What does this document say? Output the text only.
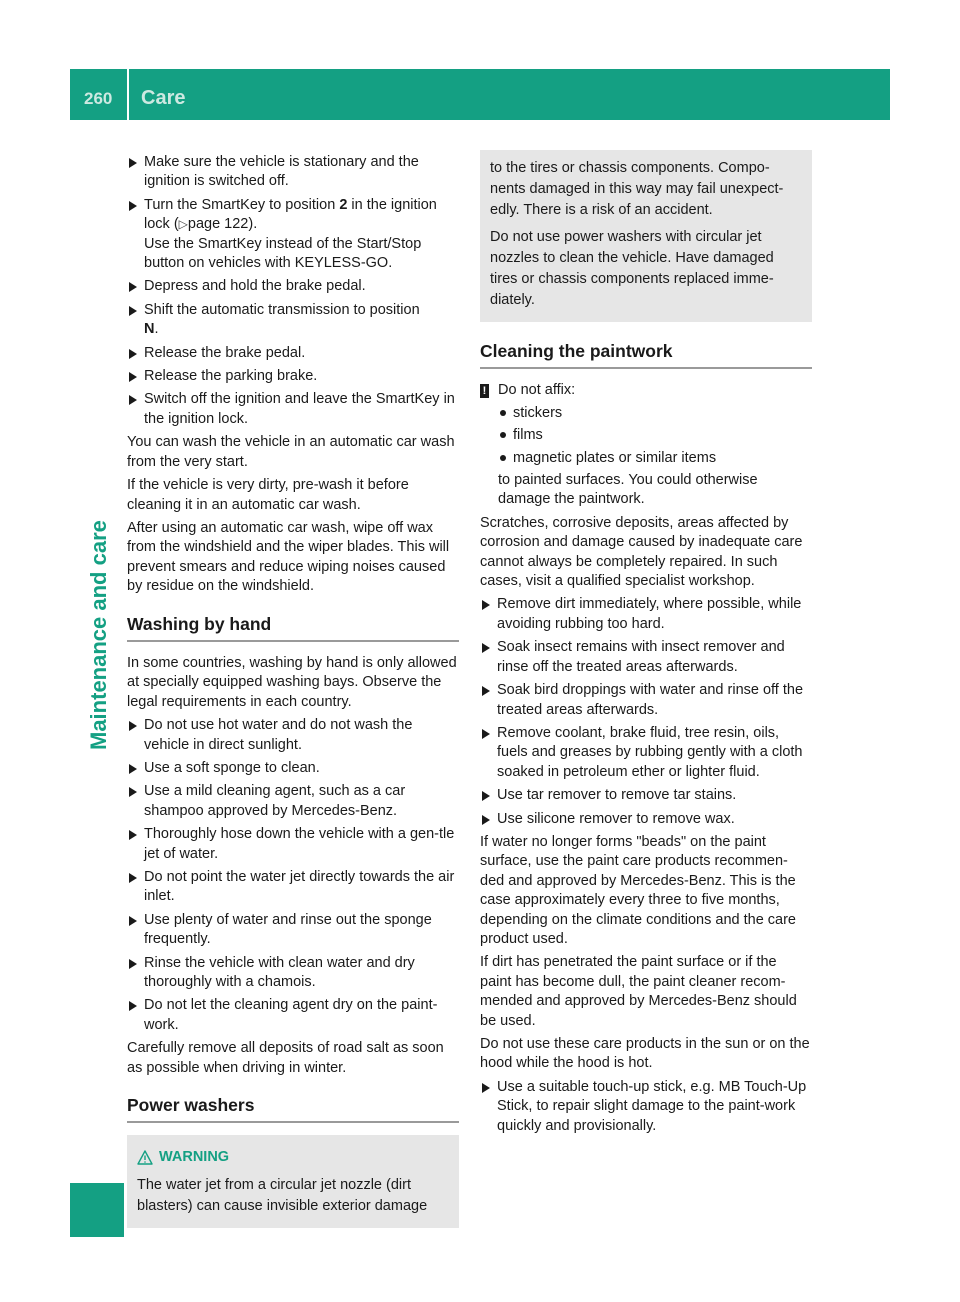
260 Care
Maintenance and care
Make sure the vehicle is stationary and the ignition is switched off.
Turn the SmartKey to position 2 in the ignition lock (▷page 122).
Use the SmartKey instead of the Start/Stop button on vehicles with KEYLESS-GO.
Depress and hold the brake pedal.
Shift the automatic transmission to position
N.
Release the brake pedal.
Release the parking brake.
Switch off the ignition and leave the SmartKey in the ignition lock.

You can wash the vehicle in an automatic car wash from the very start.

If the vehicle is very dirty, pre-wash it before cleaning it in an automatic car wash.

After using an automatic car wash, wipe off wax from the windshield and the wiper blades. This will prevent smears and reduce wiping noises caused by residue on the windshield.

Washing by hand

In some countries, washing by hand is only allowed at specially equipped washing bays. Observe the legal requirements in each country.

Do not use hot water and do not wash the vehicle in direct sunlight.
Use a soft sponge to clean.
Use a mild cleaning agent, such as a car shampoo approved by Mercedes-Benz.
Thoroughly hose down the vehicle with a gen-tle jet of water.
Do not point the water jet directly towards the air inlet.
Use plenty of water and rinse out the sponge frequently.
Rinse the vehicle with clean water and dry thoroughly with a chamois.
Do not let the cleaning agent dry on the paint-work.

Carefully remove all deposits of road salt as soon as possible when driving in winter.

Power washers
WARNING

The water jet from a circular jet nozzle (dirt blasters) can cause invisible exterior damage

to the tires or chassis components. Compo-nents damaged in this way may fail unexpect-edly. There is a risk of an accident.

Do not use power washers with circular jet nozzles to clean the vehicle. Have damaged tires or chassis components replaced imme-diately.

Cleaning the paintwork
! Do not affix:
stickers
films
magnetic plates or similar items
to painted surfaces. You could otherwise damage the paintwork.

Scratches, corrosive deposits, areas affected by corrosion and damage caused by inadequate care cannot always be completely repaired. In such cases, visit a qualified specialist workshop.

Remove dirt immediately, where possible, while avoiding rubbing too hard.
Soak insect remains with insect remover and rinse off the treated areas afterwards.
Soak bird droppings with water and rinse off the treated areas afterwards.
Remove coolant, brake fluid, tree resin, oils, fuels and greases by rubbing gently with a cloth soaked in petroleum ether or lighter fluid.
Use tar remover to remove tar stains.
Use silicone remover to remove wax.

If water no longer forms "beads" on the paint surface, use the paint care products recommen-ded and approved by Mercedes-Benz. This is the case approximately every three to five months, depending on the climate conditions and the care product used.

If dirt has penetrated the paint surface or if the paint has become dull, the paint cleaner recom-mended and approved by Mercedes-Benz should be used.

Do not use these care products in the sun or on the hood while the hood is hot.

Use a suitable touch-up stick, e.g. MB Touch-Up Stick, to repair slight damage to the paint-work quickly and provisionally.
